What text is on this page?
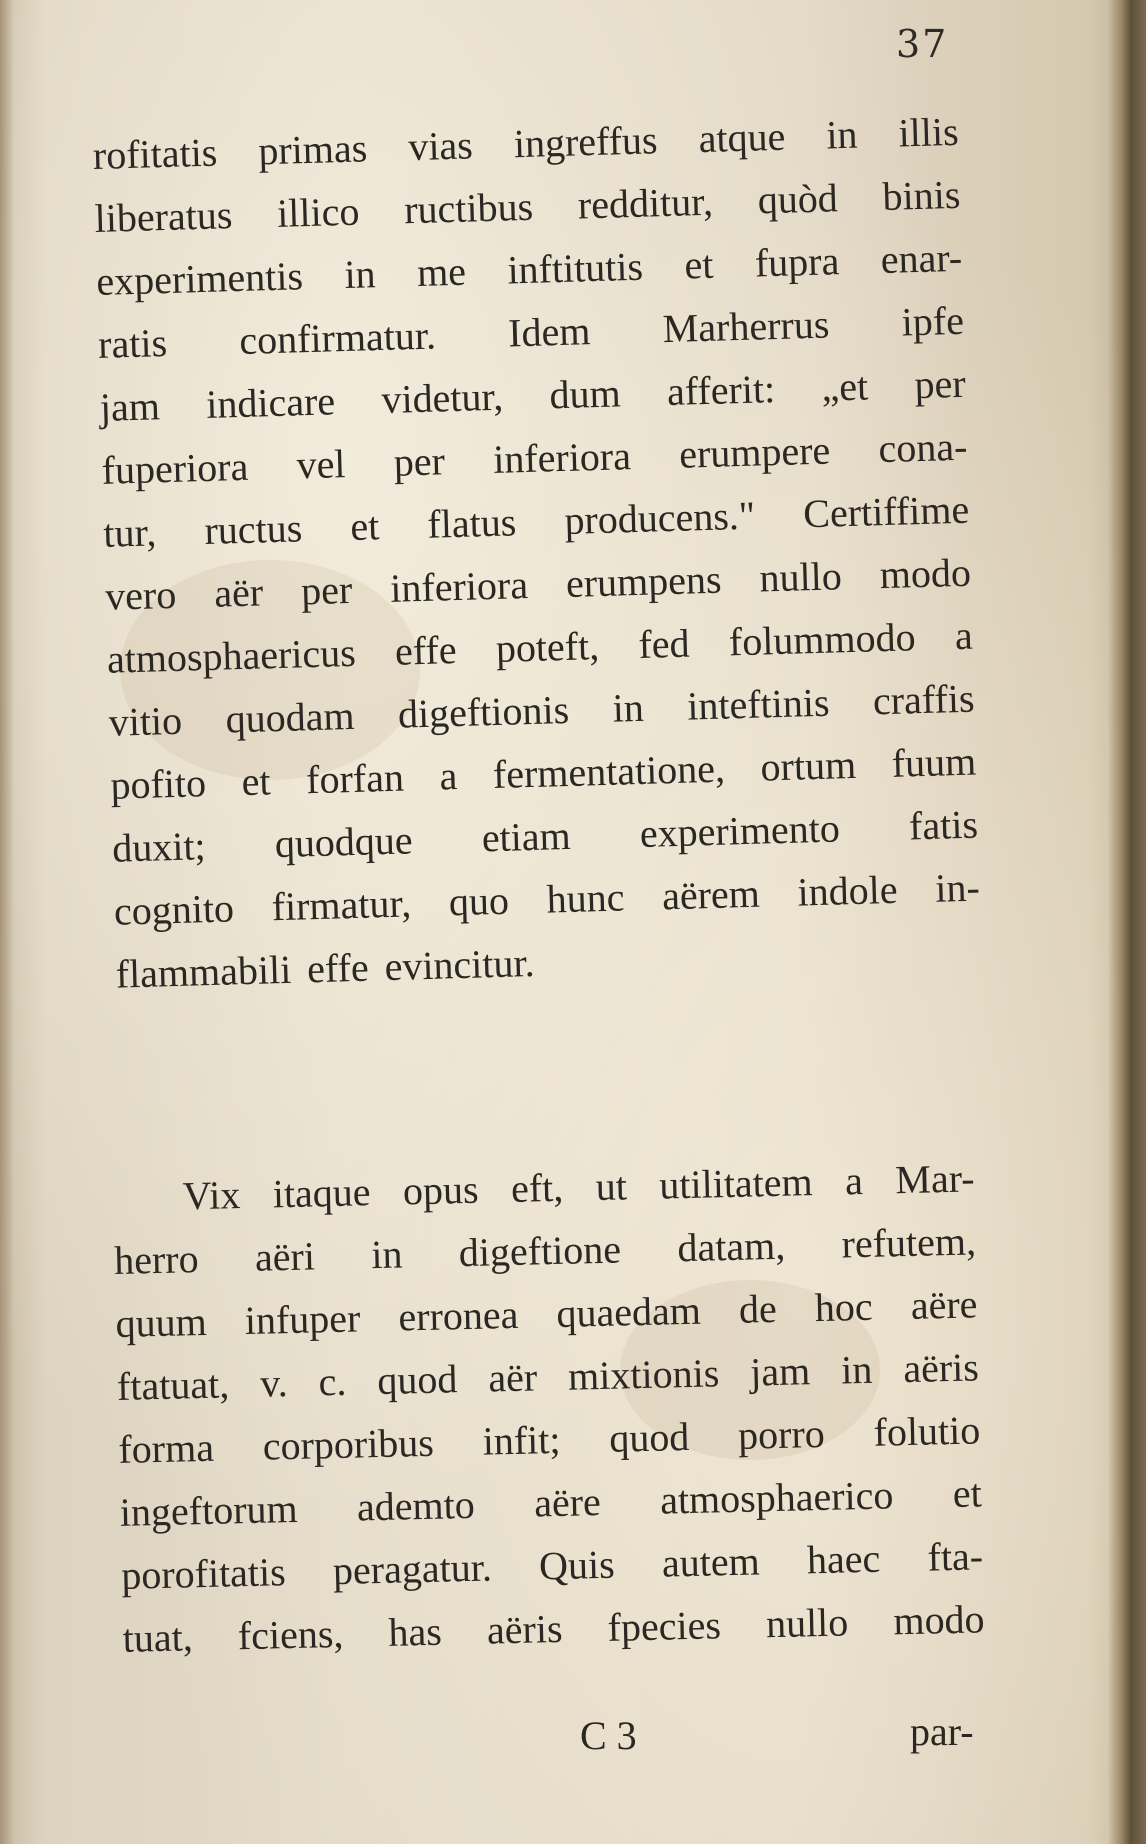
37
rofitatis primas vias ingreffus atque in illis
liberatus illico ructibus redditur, quòd binis
experimentis in me inftitutis et fupra enar-
ratis confirmatur. Idem Marherrus ipfe
jam indicare videtur, dum afferit: „et per
fuperiora vel per inferiora erumpere cona-
tur, ructus et flatus producens." Certiffime
vero aër per inferiora erumpens nullo modo
atmosphaericus effe poteft, fed folummodo a
vitio quodam digeftionis in inteftinis craffis
pofito et forfan a fermentatione, ortum fuum
duxit; quodque etiam experimento fatis
cognito firmatur, quo hunc aërem indole in-
flammabili effe evincitur.
Vix itaque opus eft, ut utilitatem a Mar-
herro aëri in digeftione datam, refutem,
quum infuper erronea quaedam de hoc aëre
ftatuat, v. c. quod aër mixtionis jam in aëris
forma corporibus infit; quod porro folutio
ingeftorum ademto aëre atmosphaerico et
porofitatis peragatur. Quis autem haec fta-
tuat, fciens, has aëris fpecies nullo modo
C 3	par-
